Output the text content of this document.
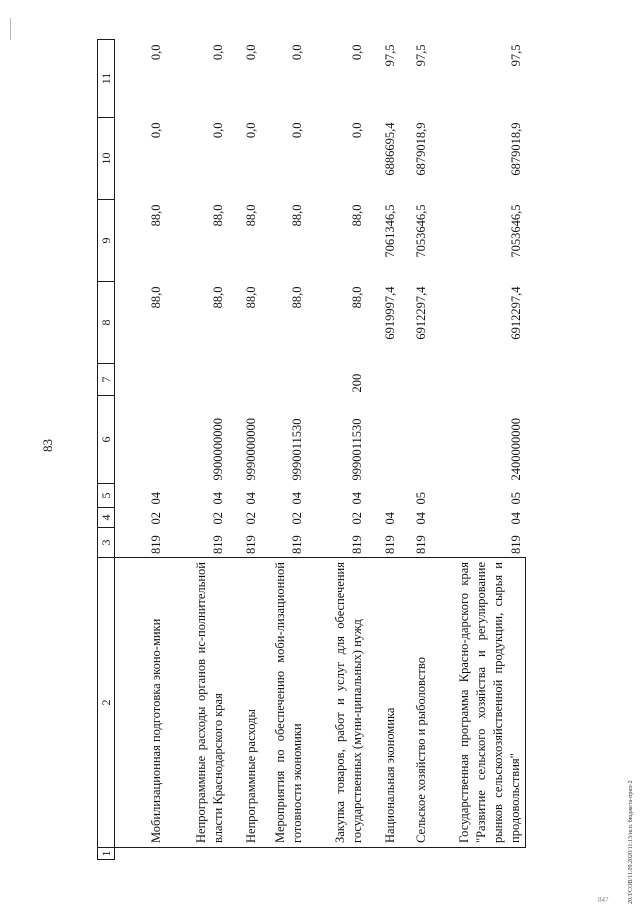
83
20.3/СОВ/11.09.2020/11:13/исп. бюджета-прил-2
847
1	2	3	4	5	6	7	8	9	10	11
	Мобилизационная подготовка эконо-мики	819	02	04			88,0	88,0	0,0	0,0
	Непрограммные расходы органов ис-полнительной власти Краснодарского края	819	02	04	9900000000		88,0	88,0	0,0	0,0
	Непрограммные расходы	819	02	04	9990000000		88,0	88,0	0,0	0,0
	Мероприятия по обеспечению моби-лизационной готовности экономики	819	02	04	9990011530		88,0	88,0	0,0	0,0
	Закупка товаров, работ и услуг для обеспечения государственных (муни-ципальных) нужд	819	02	04	9990011530	200	88,0	88,0	0,0	0,0
	Национальная экономика	819	04				6919997,4	7061346,5	6886695,4	97,5
	Сельское хозяйство и рыболовство	819	04	05			6912297,4	7053646,5	6879018,9	97,5
	Государственная программа Красно-дарского края "Развитие сельского хозяйства и регулирование рынков сельскохозяйственной продукции, сырья и продовольствия"	819	04	05	2400000000		6912297,4	7053646,5	6879018,9	97,5
